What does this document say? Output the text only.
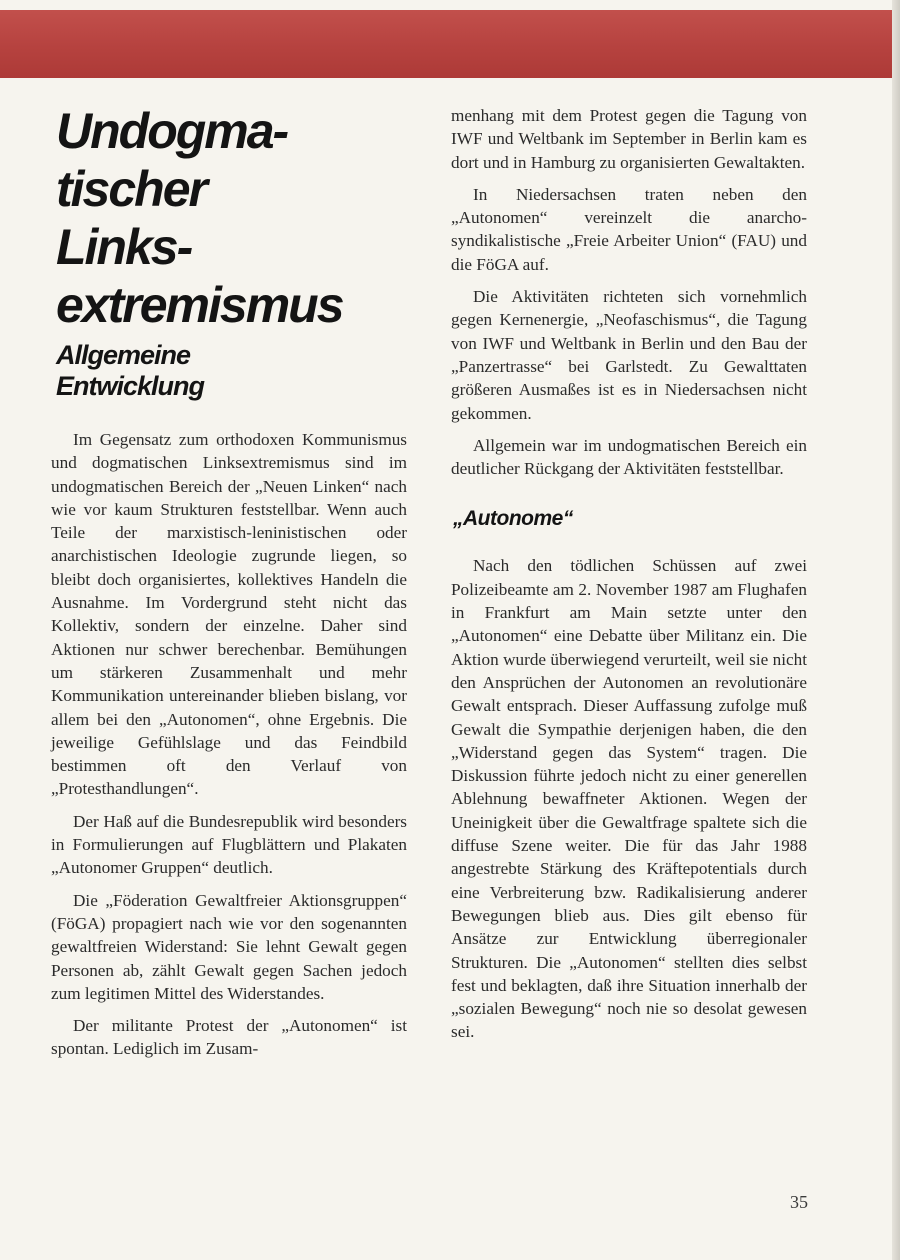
Undogma-
tischer
Links-
extremismus
Allgemeine
Entwicklung

Im Gegensatz zum orthodoxen Kommunismus und dogmatischen Linksextremismus sind im undogmatischen Bereich der „Neuen Linken“ nach wie vor kaum Strukturen feststellbar. Wenn auch Teile der marxistisch-leninistischen oder anarchistischen Ideologie zugrunde liegen, so bleibt doch organisiertes, kollektives Handeln die Ausnahme. Im Vordergrund steht nicht das Kollektiv, sondern der einzelne. Daher sind Aktionen nur schwer berechenbar. Bemühungen um stärkeren Zusammenhalt und mehr Kommunikation untereinander blieben bislang, vor allem bei den „Autonomen“, ohne Ergebnis. Die jeweilige Gefühlslage und das Feindbild bestimmen oft den Verlauf von „Protesthandlungen“.

Der Haß auf die Bundesrepublik wird besonders in Formulierungen auf Flugblättern und Plakaten „Autonomer Gruppen“ deutlich.

Die „Föderation Gewaltfreier Aktionsgruppen“ (FöGA) propagiert nach wie vor den sogenannten gewaltfreien Widerstand: Sie lehnt Gewalt gegen Personen ab, zählt Gewalt gegen Sachen jedoch zum legitimen Mittel des Widerstandes.

Der militante Protest der „Autonomen“ ist spontan. Lediglich im Zusam-

menhang mit dem Protest gegen die Tagung von IWF und Weltbank im September in Berlin kam es dort und in Hamburg zu organisierten Gewaltakten.

In Niedersachsen traten neben den „Autonomen“ vereinzelt die anarcho-syndikalistische „Freie Arbeiter Union“ (FAU) und die FöGA auf.

Die Aktivitäten richteten sich vornehmlich gegen Kernenergie, „Neofaschismus“, die Tagung von IWF und Weltbank in Berlin und den Bau der „Panzertrasse“ bei Garlstedt. Zu Gewalttaten größeren Ausmaßes ist es in Niedersachsen nicht gekommen.

Allgemein war im undogmatischen Bereich ein deutlicher Rückgang der Aktivitäten feststellbar.

„Autonome“

Nach den tödlichen Schüssen auf zwei Polizeibeamte am 2. November 1987 am Flughafen in Frankfurt am Main setzte unter den „Autonomen“ eine Debatte über Militanz ein. Die Aktion wurde überwiegend verurteilt, weil sie nicht den Ansprüchen der Autonomen an revolutionäre Gewalt entsprach. Dieser Auffassung zufolge muß Gewalt die Sympathie derjenigen haben, die den „Widerstand gegen das System“ tragen. Die Diskussion führte jedoch nicht zu einer generellen Ablehnung bewaffneter Aktionen. Wegen der Uneinigkeit über die Gewaltfrage spaltete sich die diffuse Szene weiter. Die für das Jahr 1988 angestrebte Stärkung des Kräftepotentials durch eine Verbreiterung bzw. Radikalisierung anderer Bewegungen blieb aus. Dies gilt ebenso für Ansätze zur Entwicklung überregionaler Strukturen. Die „Autonomen“ stellten dies selbst fest und beklagten, daß ihre Situation innerhalb der „sozialen Bewegung“ noch nie so desolat gewesen sei.

35
